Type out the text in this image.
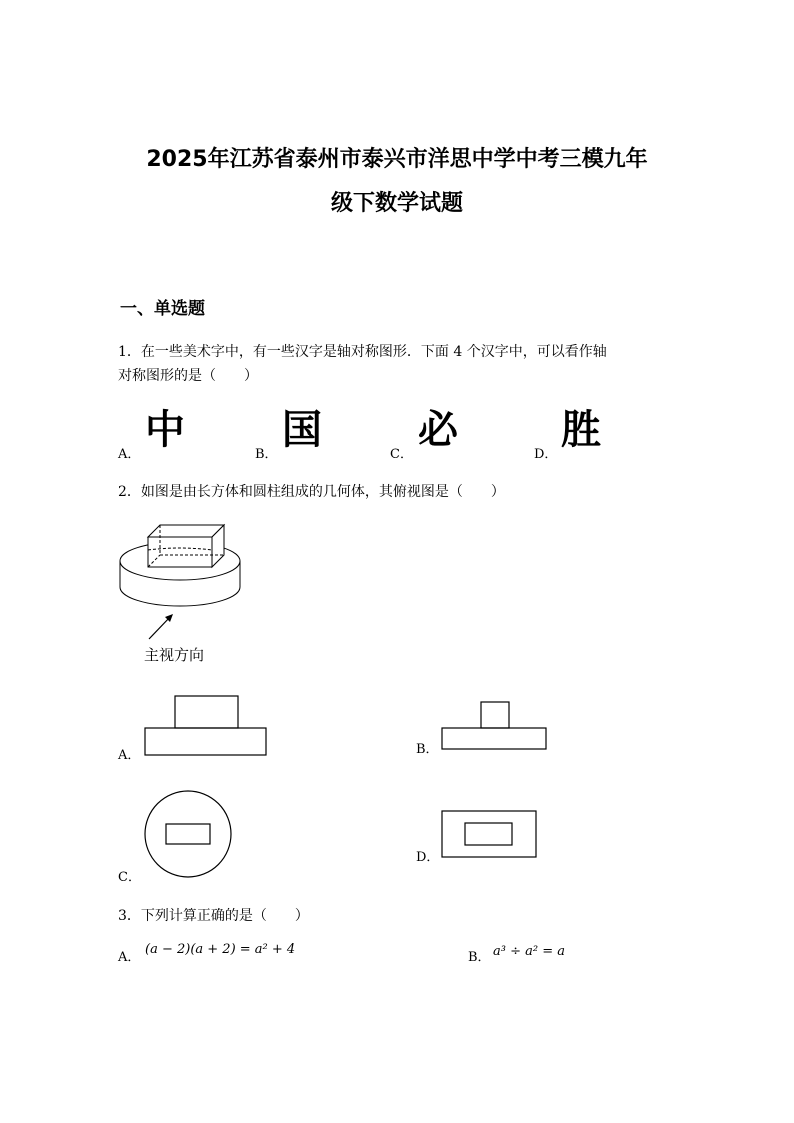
2025年江苏省泰州市泰兴市洋思中学中考三模九年
级下数学试题
一、单选题
1．在一些美术字中，有一些汉字是轴对称图形．下面 4 个汉字中，可以看作轴
对称图形的是（　　）
A．
中
B．
国
C．
必
D．
胜
2．如图是由长方体和圆柱组成的几何体，其俯视图是（　　）
主视方向
A．	B．
C．
D．
3．下列计算正确的是（　　）
A．
(a − 2)(a + 2) = a² + 4
B． a³ ÷ a² = a
